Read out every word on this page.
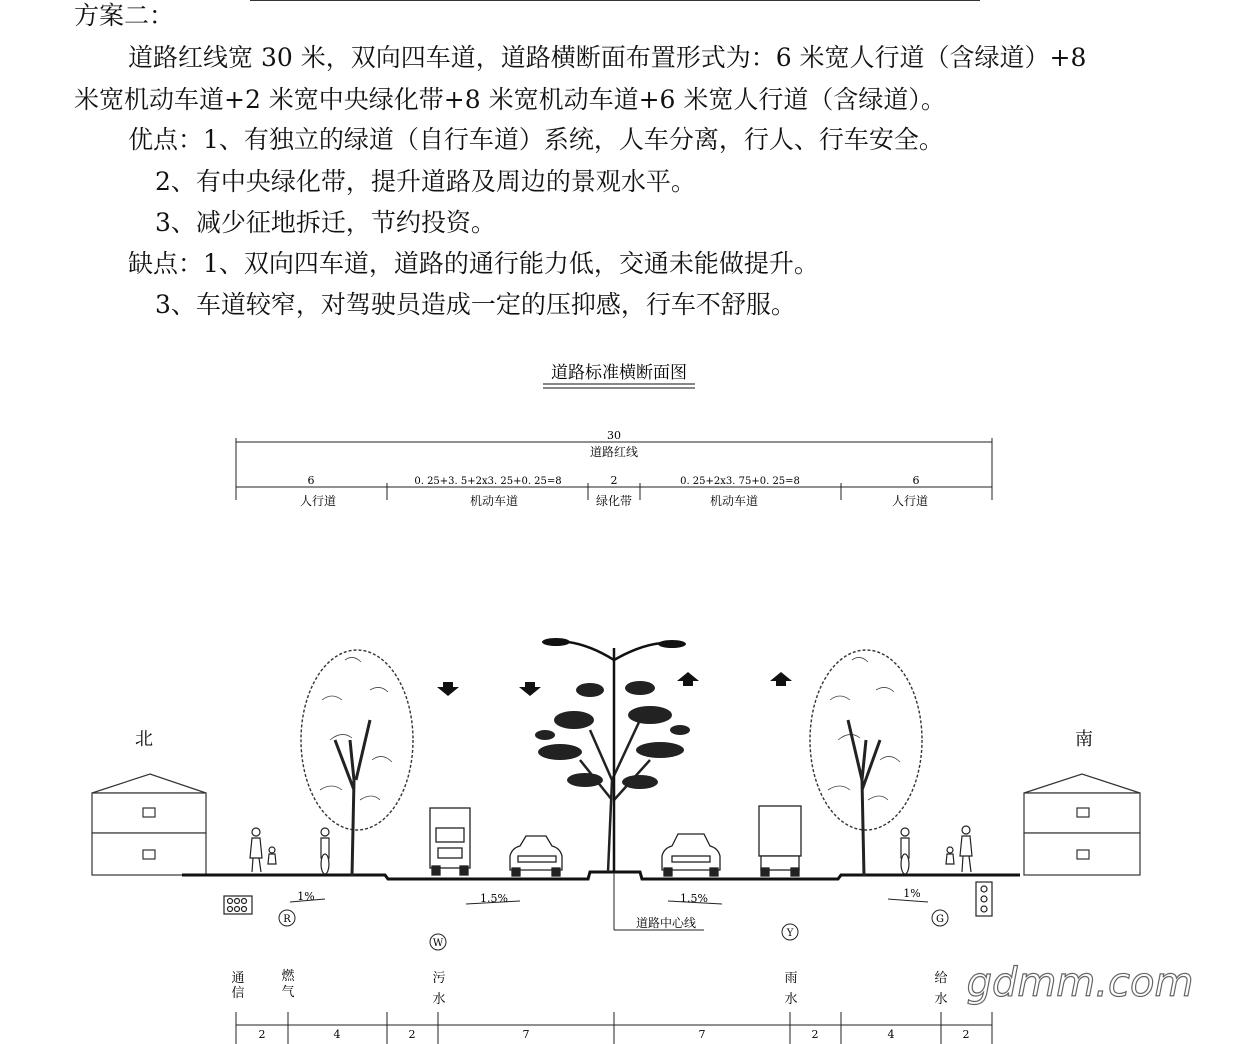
方案二：
道路红线宽 30 米，双向四车道，道路横断面布置形式为：6 米宽人行道（含绿道）+8
米宽机动车道+2 米宽中央绿化带+8 米宽机动车道+6 米宽人行道（含绿道）。
优点：1、有独立的绿道（自行车道）系统，人车分离，行人、行车安全。
2、有中央绿化带，提升道路及周边的景观水平。
3、减少征地拆迁，节约投资。
缺点：1、双向四车道，道路的通行能力低，交通未能做提升。
3、车道较窄，对驾驶员造成一定的压抑感，行车不舒服。
道路标准横断面图
30
道路红线
6
人行道
0. 25+3. 5+2x3. 25+0. 25=8
机动车道
2
绿化带
0. 25+2x3. 75+0. 25=8
机动车道
6
人行道
北	南
1%	1.5%	1.5%	1%
道路中心线
R
W
Y
G
通
信
燃
气
污
水
雨
水
给
水
2	4	2	7	7	2	4	2
gdmm.com
